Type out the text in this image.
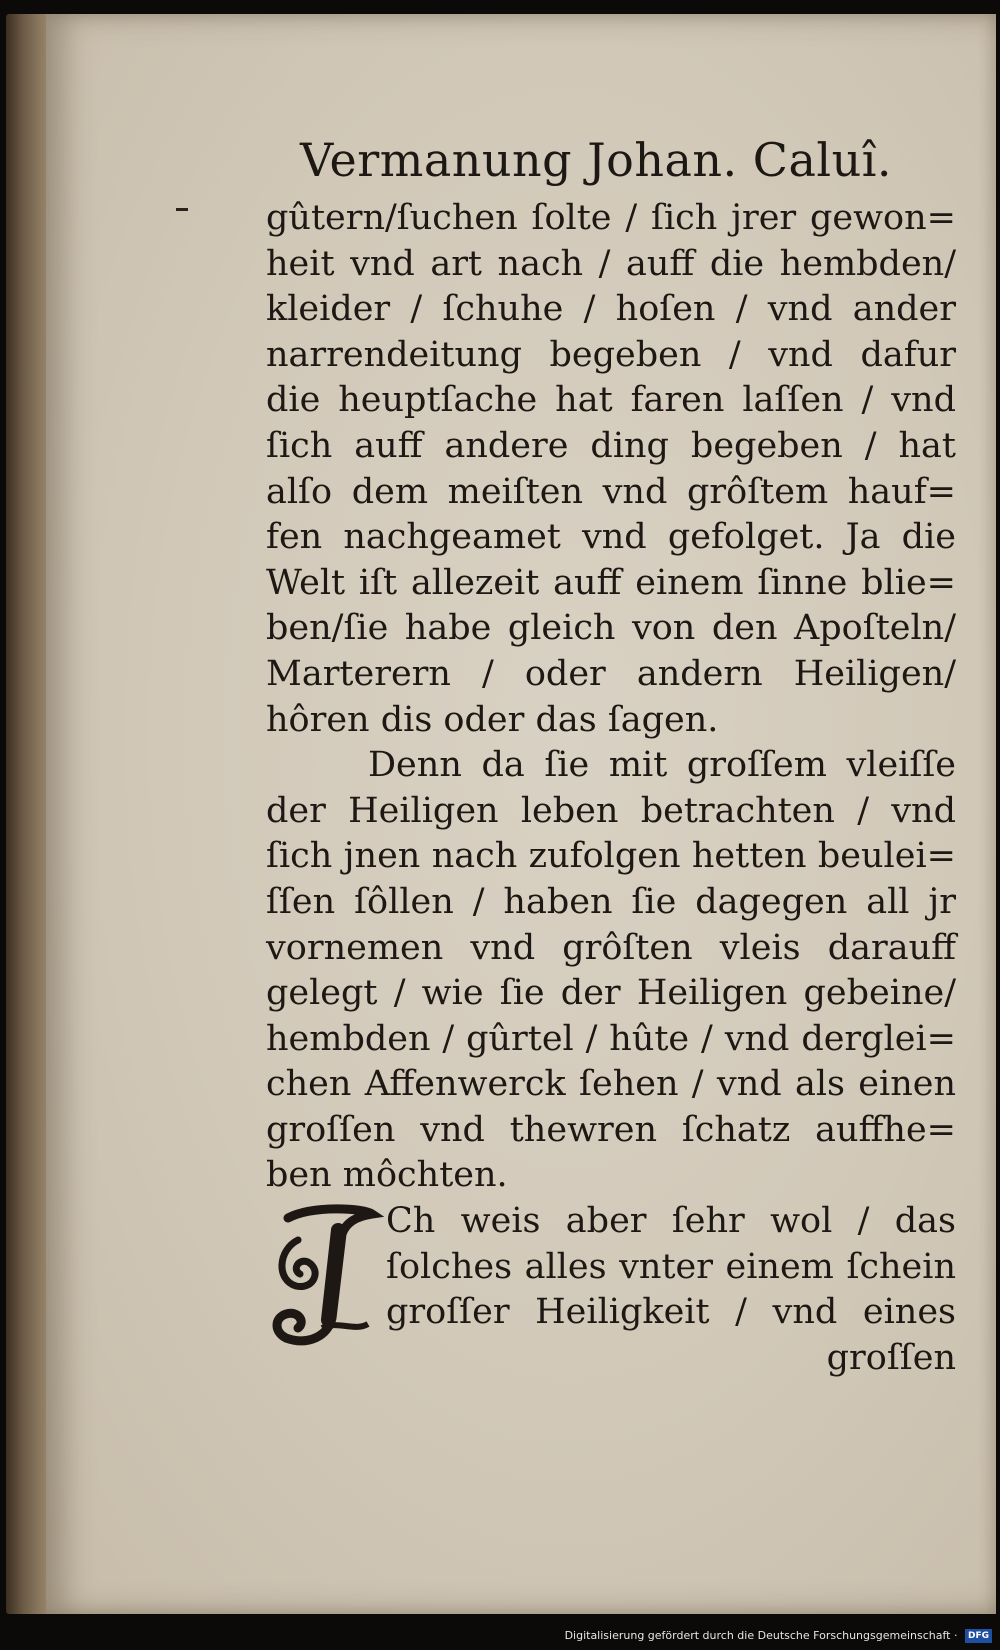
Vermanung Johan. Caluî.
gûtern/ſuchen ſolte / ſich jrer gewon=
heit vnd art nach / auff die hembden/
kleider / ſchuhe / hoſen / vnd ander
narrendeitung begeben / vnd dafur
die heuptſache hat faren laſſen / vnd
ſich auff andere ding begeben / hat
alſo dem meiſten vnd grôſtem hauf=
fen nachgeamet vnd gefolget. Ja die
Welt iſt allezeit auff einem ſinne blie=
ben/ſie habe gleich von den Apoſteln/
Marterern / oder andern Heiligen/
hôren dis oder das ſagen.
Denn da ſie mit groſſem vleiſſe
der Heiligen leben betrachten / vnd
ſich jnen nach zufolgen hetten beulei=
ſſen ſôllen / haben ſie dagegen all jr
vornemen vnd grôſten vleis darauff
gelegt / wie ſie der Heiligen gebeine/
hembden / gûrtel / hûte / vnd derglei=
chen Affenwerck ſehen / vnd als einen
groſſen vnd thewren ſchatz auffhe=
ben môchten.
Ch weis aber ſehr wol / das
ſolches alles vnter einem ſchein
groſſer Heiligkeit / vnd eines
groſſen
Digitalisierung gefördert durch die Deutsche Forschungsgemeinschaft · DFG
